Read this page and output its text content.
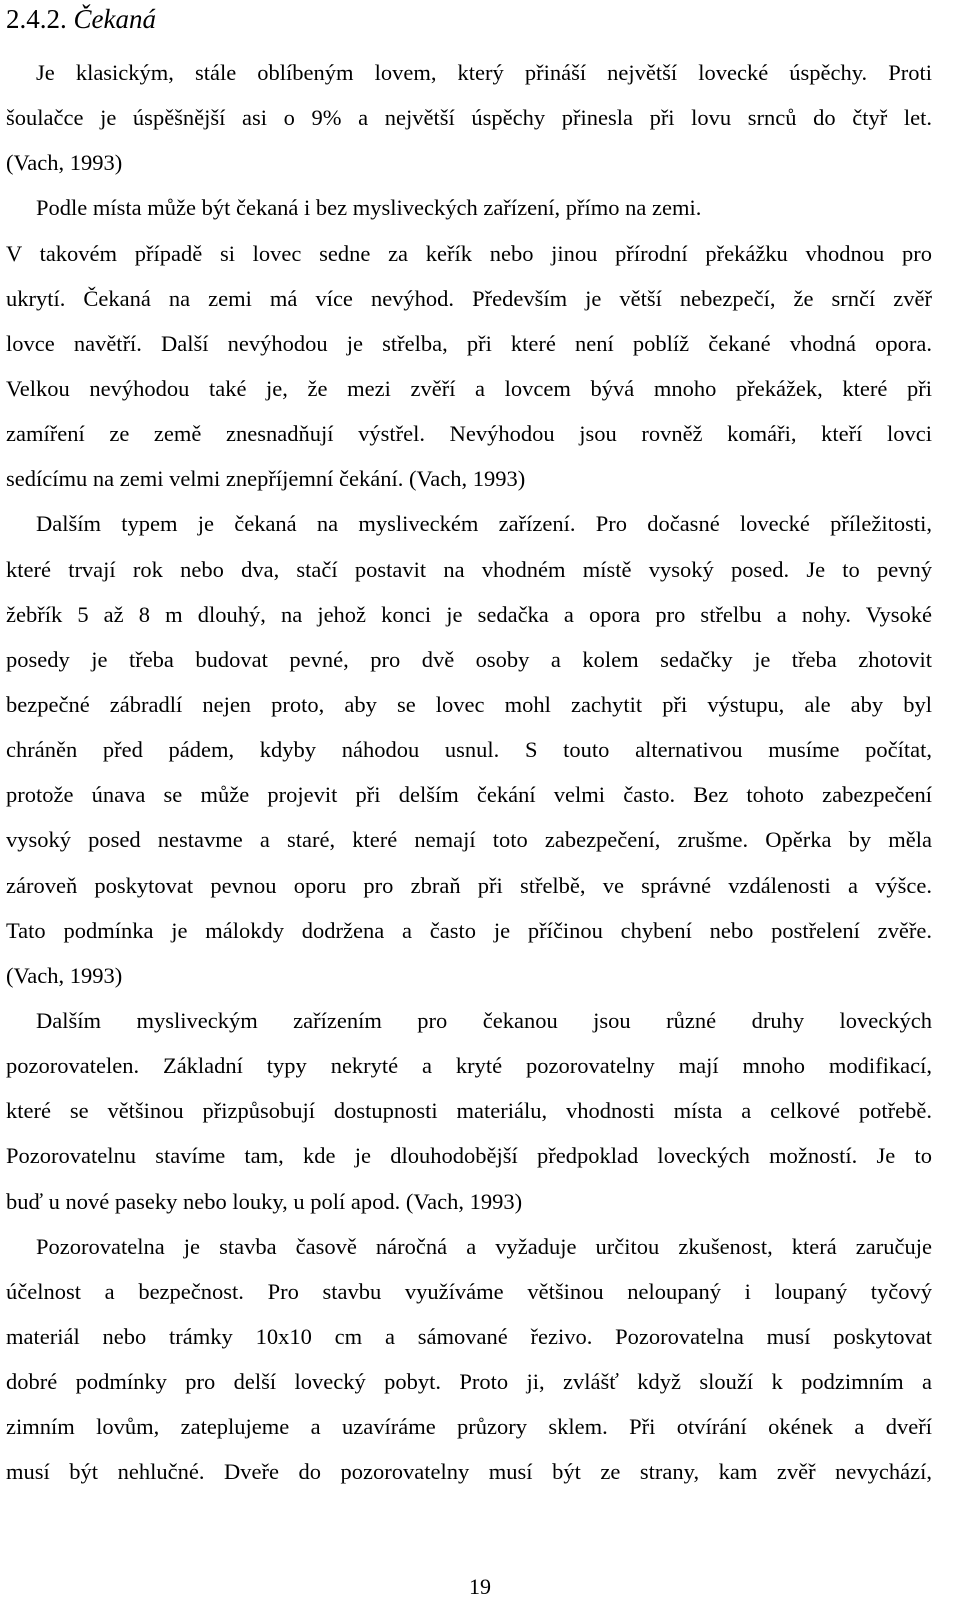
2.4.2. Čekaná
Je klasickým, stále oblíbeným lovem, který přináší největší lovecké úspěchy. Proti
šoulačce je úspěšnější asi o 9% a největší úspěchy přinesla při lovu srnců do čtyř let.
(Vach, 1993)
Podle místa může být čekaná i bez mysliveckých zařízení, přímo na zemi.
V takovém případě si lovec sedne za keřík nebo jinou přírodní překážku vhodnou pro
ukrytí. Čekaná na zemi má více nevýhod. Především je větší nebezpečí, že srnčí zvěř
lovce navětří. Další nevýhodou je střelba, při které není poblíž čekané vhodná opora.
Velkou nevýhodou také je, že mezi zvěří a lovcem bývá mnoho překážek, které při
zamíření ze země znesnadňují výstřel. Nevýhodou jsou rovněž komáři, kteří lovci
sedícímu na zemi velmi znepříjemní čekání. (Vach, 1993)
Dalším typem je čekaná na mysliveckém zařízení. Pro dočasné lovecké příležitosti,
které trvají rok nebo dva, stačí postavit na vhodném místě vysoký posed. Je to pevný
žebřík 5 až 8 m dlouhý, na jehož konci je sedačka a opora pro střelbu a nohy. Vysoké
posedy je třeba budovat pevné, pro dvě osoby a kolem sedačky je třeba zhotovit
bezpečné zábradlí nejen proto, aby se lovec mohl zachytit při výstupu, ale aby byl
chráněn před pádem, kdyby náhodou usnul. S touto alternativou musíme počítat,
protože únava se může projevit při delším čekání velmi často. Bez tohoto zabezpečení
vysoký posed nestavme a staré, které nemají toto zabezpečení, zrušme. Opěrka by měla
zároveň poskytovat pevnou oporu pro zbraň při střelbě, ve správné vzdálenosti a výšce.
Tato podmínka je málokdy dodržena a často je příčinou chybení nebo postřelení zvěře.
(Vach, 1993)
Dalším mysliveckým zařízením pro čekanou jsou různé druhy loveckých
pozorovatelen. Základní typy nekryté a kryté pozorovatelny mají mnoho modifikací,
které se většinou přizpůsobují dostupnosti materiálu, vhodnosti místa a celkové potřebě.
Pozorovatelnu stavíme tam, kde je dlouhodobější předpoklad loveckých možností. Je to
buď u nové paseky nebo louky, u polí apod. (Vach, 1993)
Pozorovatelna je stavba časově náročná a vyžaduje určitou zkušenost, která zaručuje
účelnost a bezpečnost. Pro stavbu využíváme většinou neloupaný i loupaný tyčový
materiál nebo trámky 10x10 cm a sámované řezivo. Pozorovatelna musí poskytovat
dobré podmínky pro delší lovecký pobyt. Proto ji, zvlášť když slouží k podzimním a
zimním lovům, zateplujeme a uzavíráme průzory sklem. Při otvírání okének a dveří
musí být nehlučné. Dveře do pozorovatelny musí být ze strany, kam zvěř nevychází,
19
